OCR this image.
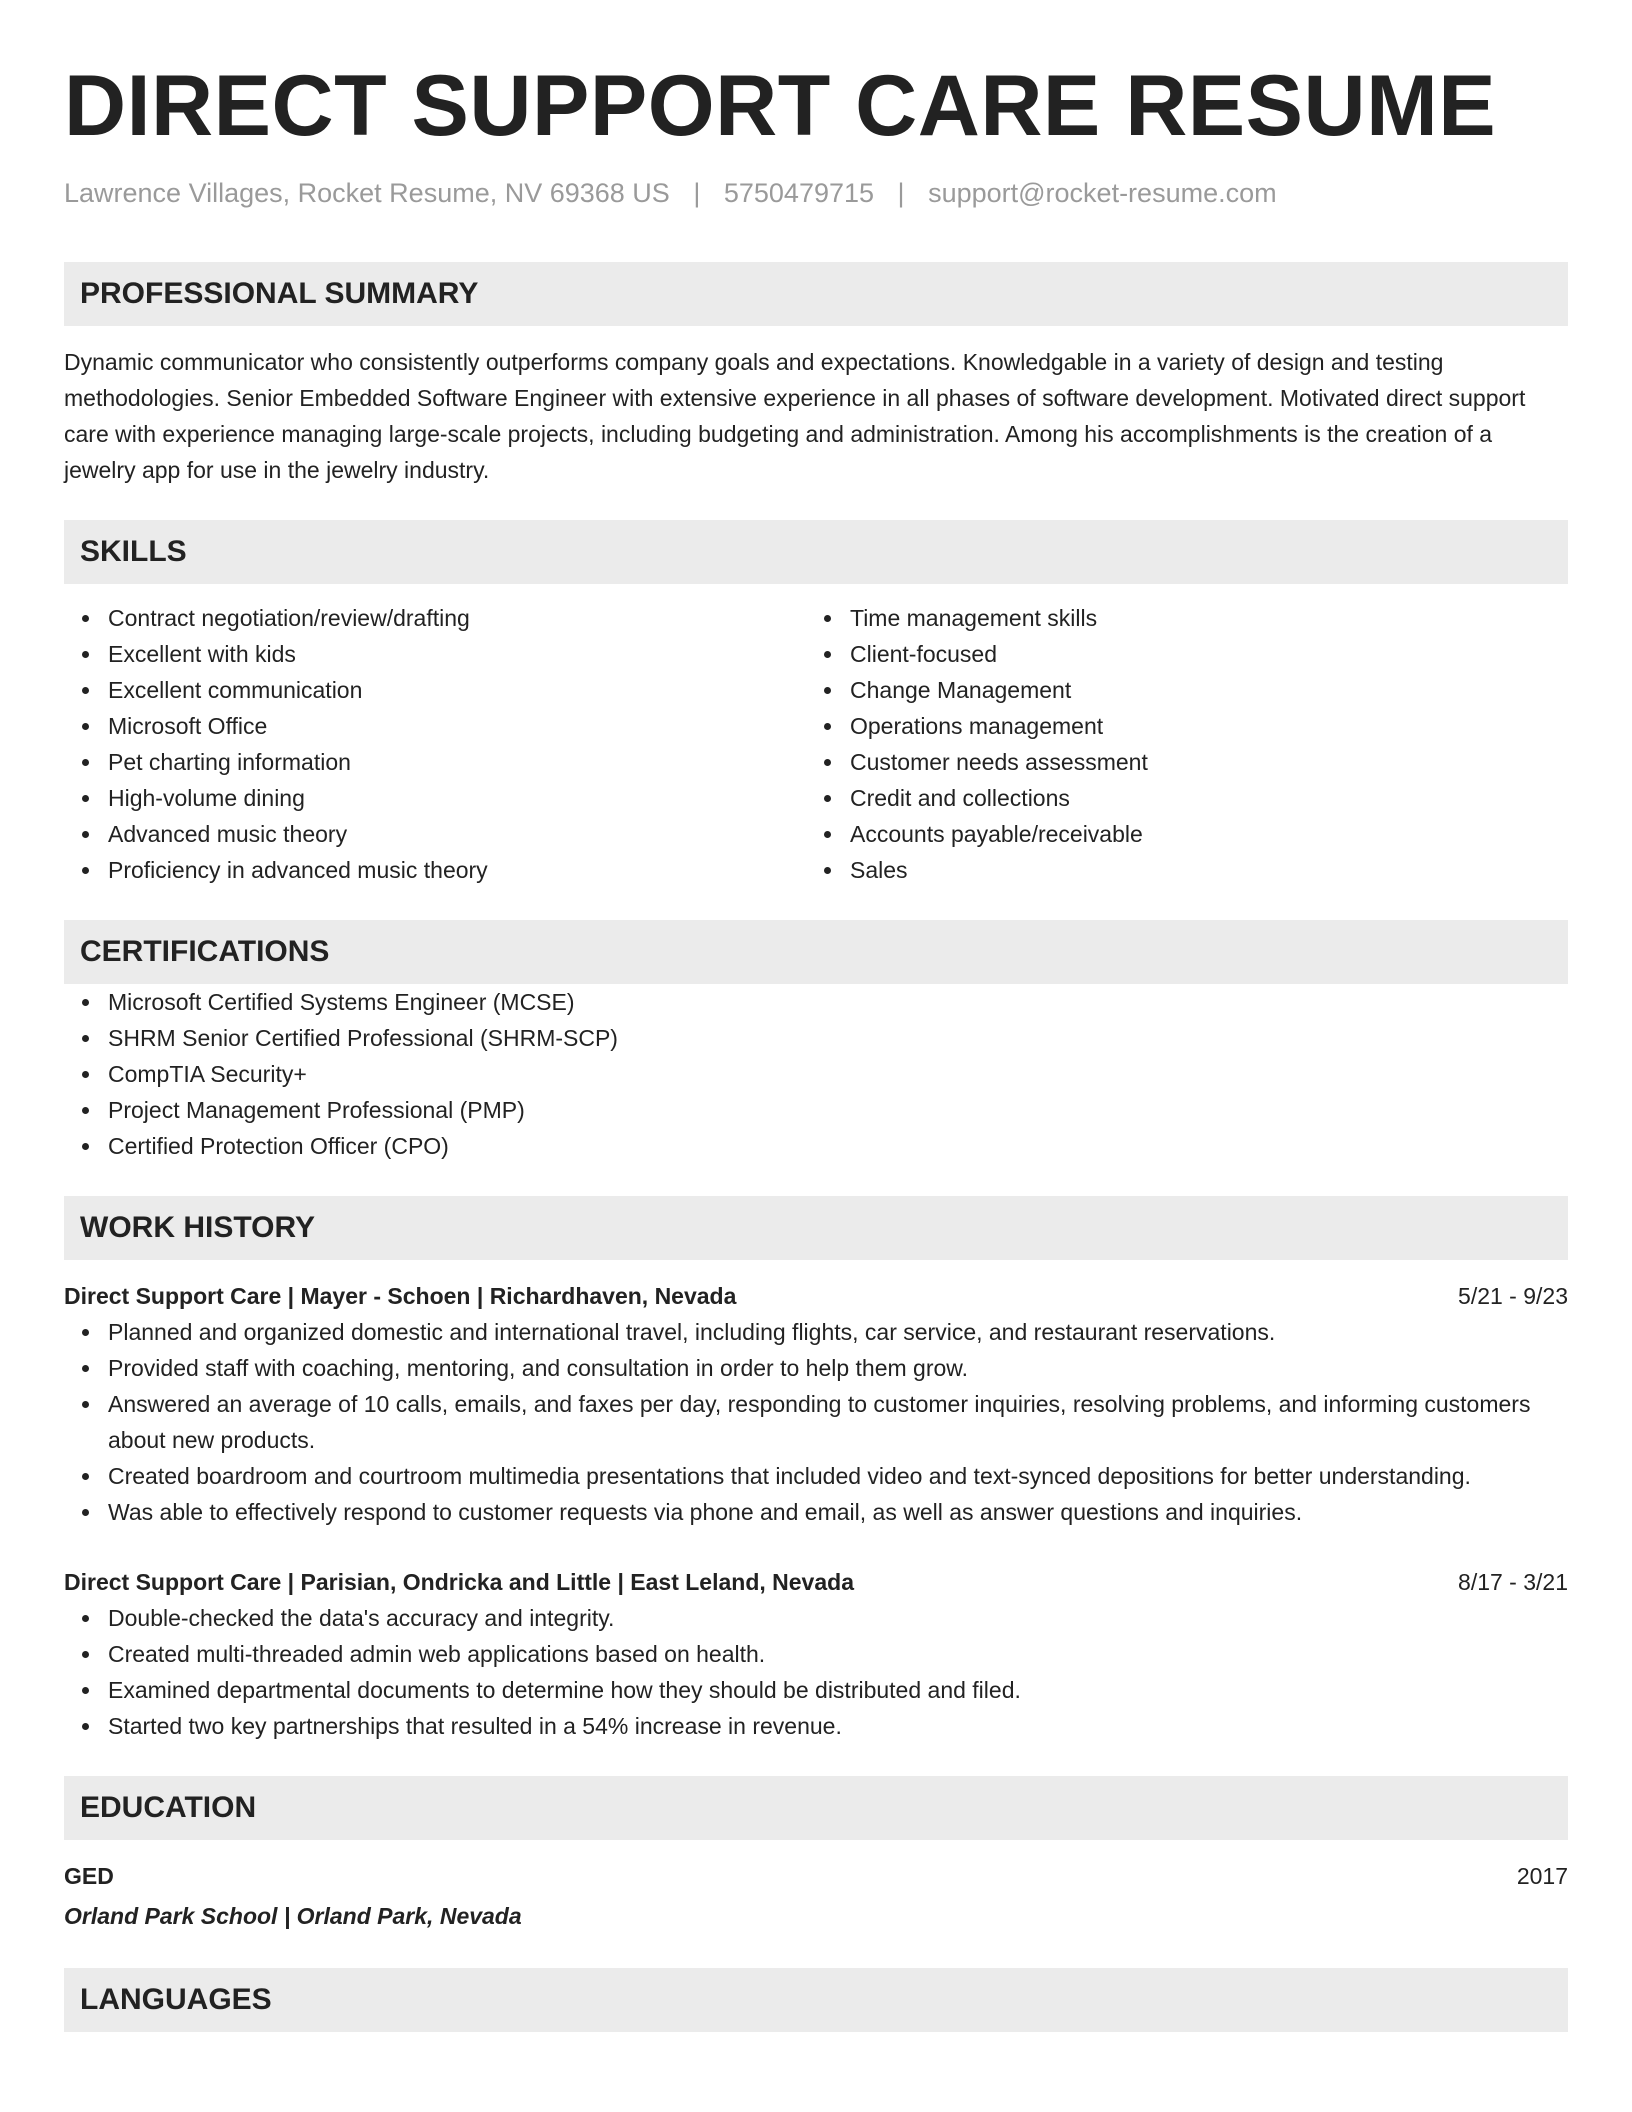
DIRECT SUPPORT CARE RESUME
Lawrence Villages, Rocket Resume, NV 69368 US | 5750479715 | support@rocket-resume.com
PROFESSIONAL SUMMARY
Dynamic communicator who consistently outperforms company goals and expectations. Knowledgable in a variety of design and testing methodologies. Senior Embedded Software Engineer with extensive experience in all phases of software development. Motivated direct support care with experience managing large-scale projects, including budgeting and administration. Among his accomplishments is the creation of a jewelry app for use in the jewelry industry.
SKILLS
Contract negotiation/review/drafting
Excellent with kids
Excellent communication
Microsoft Office
Pet charting information
High-volume dining
Advanced music theory
Proficiency in advanced music theory
Time management skills
Client-focused
Change Management
Operations management
Customer needs assessment
Credit and collections
Accounts payable/receivable
Sales
CERTIFICATIONS
Microsoft Certified Systems Engineer (MCSE)
SHRM Senior Certified Professional (SHRM-SCP)
CompTIA Security+
Project Management Professional (PMP)
Certified Protection Officer (CPO)
WORK HISTORY
Direct Support Care | Mayer - Schoen | Richardhaven, Nevada	5/21 - 9/23
Planned and organized domestic and international travel, including flights, car service, and restaurant reservations.
Provided staff with coaching, mentoring, and consultation in order to help them grow.
Answered an average of 10 calls, emails, and faxes per day, responding to customer inquiries, resolving problems, and informing customers about new products.
Created boardroom and courtroom multimedia presentations that included video and text-synced depositions for better understanding.
Was able to effectively respond to customer requests via phone and email, as well as answer questions and inquiries.
Direct Support Care | Parisian, Ondricka and Little | East Leland, Nevada	8/17 - 3/21
Double-checked the data's accuracy and integrity.
Created multi-threaded admin web applications based on health.
Examined departmental documents to determine how they should be distributed and filed.
Started two key partnerships that resulted in a 54% increase in revenue.
EDUCATION
GED	2017
Orland Park School | Orland Park, Nevada
LANGUAGES
